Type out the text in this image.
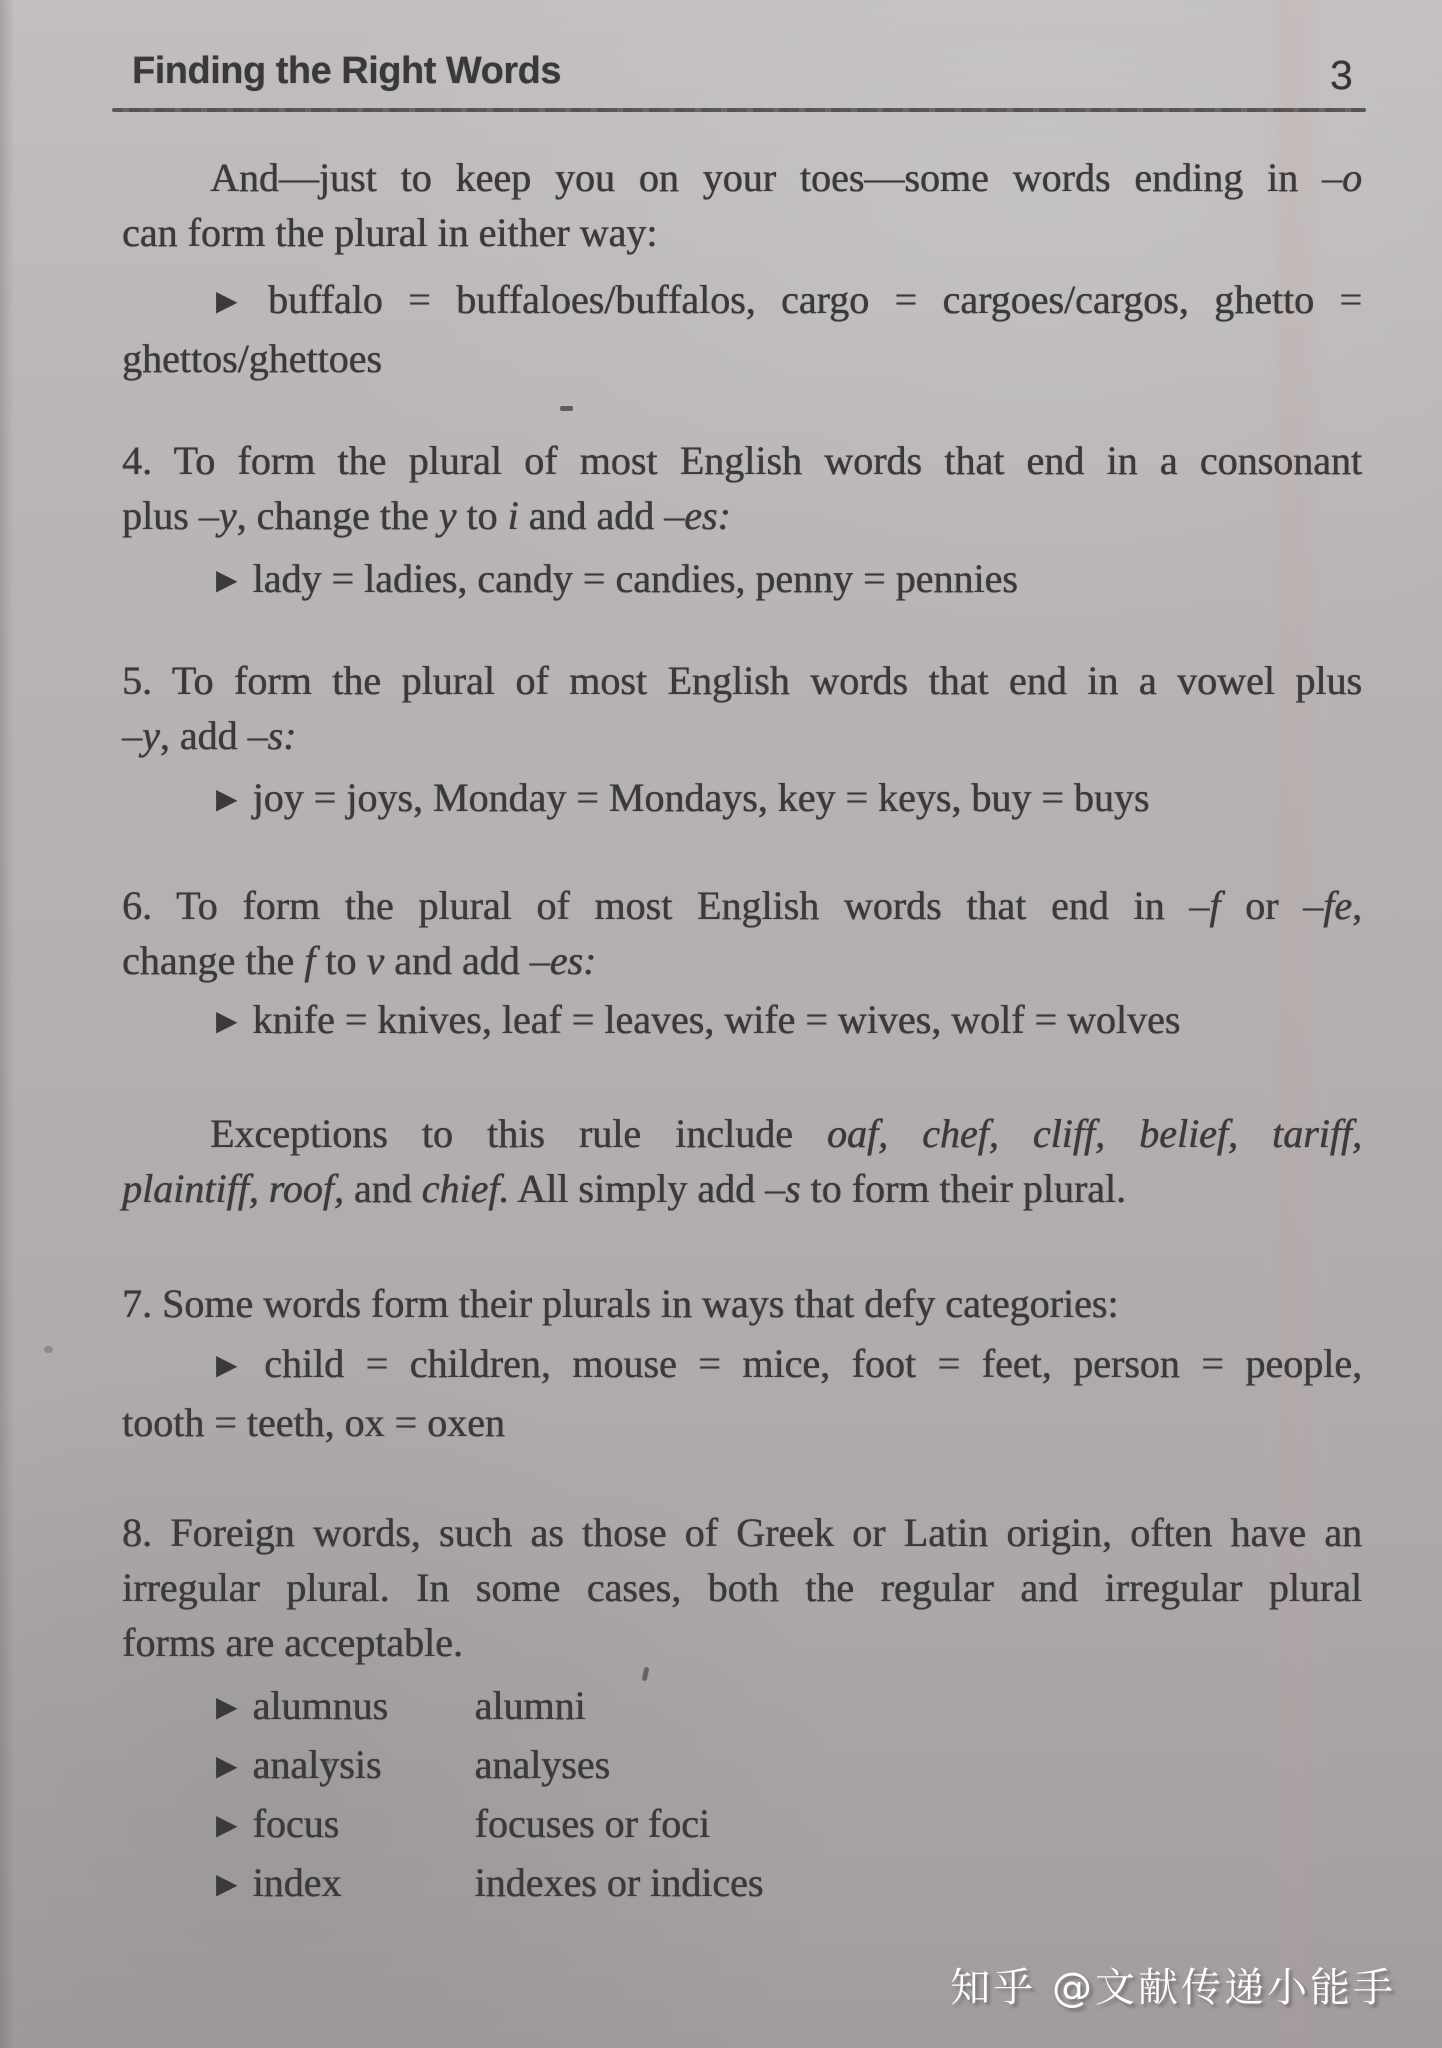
Finding the Right Words	3
And—just to keep you on your toes—some words ending in –o
can form the plural in either way:
▶ buffalo = buffaloes/buffalos, cargo = cargoes/cargos, ghetto =
ghettos/ghettoes
4. To form the plural of most English words that end in a consonant
plus –y, change the y to i and add –es:
▶ lady = ladies, candy = candies, penny = pennies
5. To form the plural of most English words that end in a vowel plus
–y, add –s:
▶ joy = joys, Monday = Mondays, key = keys, buy = buys
6. To form the plural of most English words that end in –f or –fe,
change the f to v and add –es:
▶ knife = knives, leaf = leaves, wife = wives, wolf = wolves
Exceptions to this rule include oaf, chef, cliff, belief, tariff,
plaintiff, roof, and chief. All simply add –s to form their plural.
7. Some words form their plurals in ways that defy categories:
▶ child = children, mouse = mice, foot = feet, person = people,
tooth = teeth, ox = oxen
8. Foreign words, such as those of Greek or Latin origin, often have an
irregular plural. In some cases, both the regular and irregular plural
forms are acceptable.
▶ alumnus alumni
▶ analysis analyses
▶ focus	focuses or foci
▶ index	indexes or indices
知乎 @文献传递小能手
